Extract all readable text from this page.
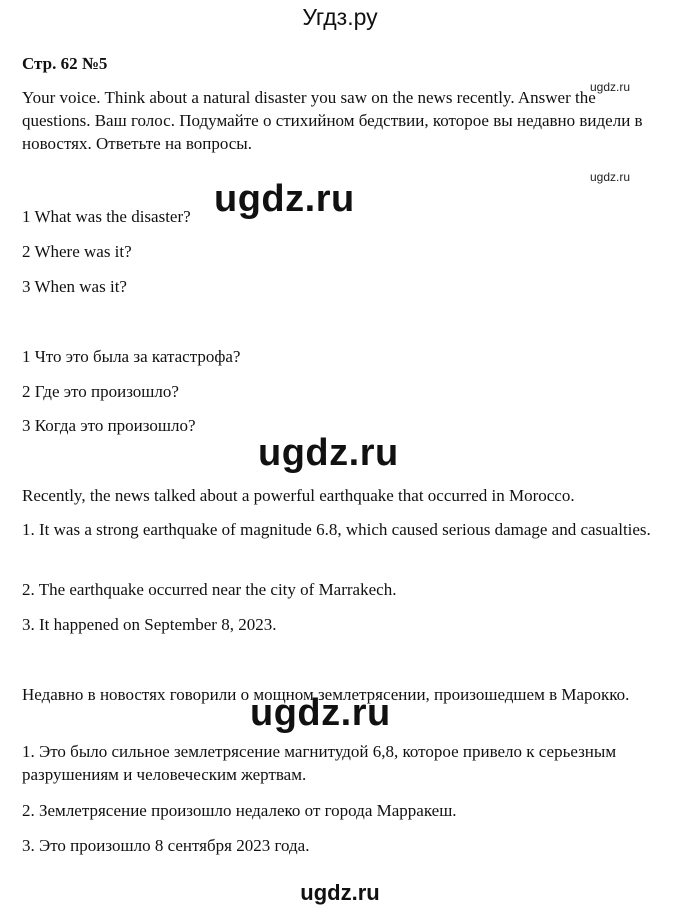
Угдз.ру
Стр. 62 №5
ugdz.ru
Your voice. Think about a natural disaster you saw on the news recently. Answer the questions. Ваш голос. Подумайте о стихийном бедствии, которое вы недавно видели в новостях. Ответьте на вопросы.
ugdz.ru
ugdz.ru
1 What was the disaster?
2 Where was it?
3 When was it?
1 Что это была за катастрофа?
2 Где это произошло?
3 Когда это произошло?
ugdz.ru
Recently, the news talked about a powerful earthquake that occurred in Morocco.
1. It was a strong earthquake of magnitude 6.8, which caused serious damage and casualties.
2. The earthquake occurred near the city of Marrakech.
3. It happened on September 8, 2023.
Недавно в новостях говорили о мощном землетрясении, произошедшем в Марокко.
ugdz.ru
1. Это было сильное землетрясение магнитудой 6,8, которое привело к серьезным разрушениям и человеческим жертвам.
2. Землетрясение произошло недалеко от города Марракеш.
3. Это произошло 8 сентября 2023 года.
ugdz.ru
